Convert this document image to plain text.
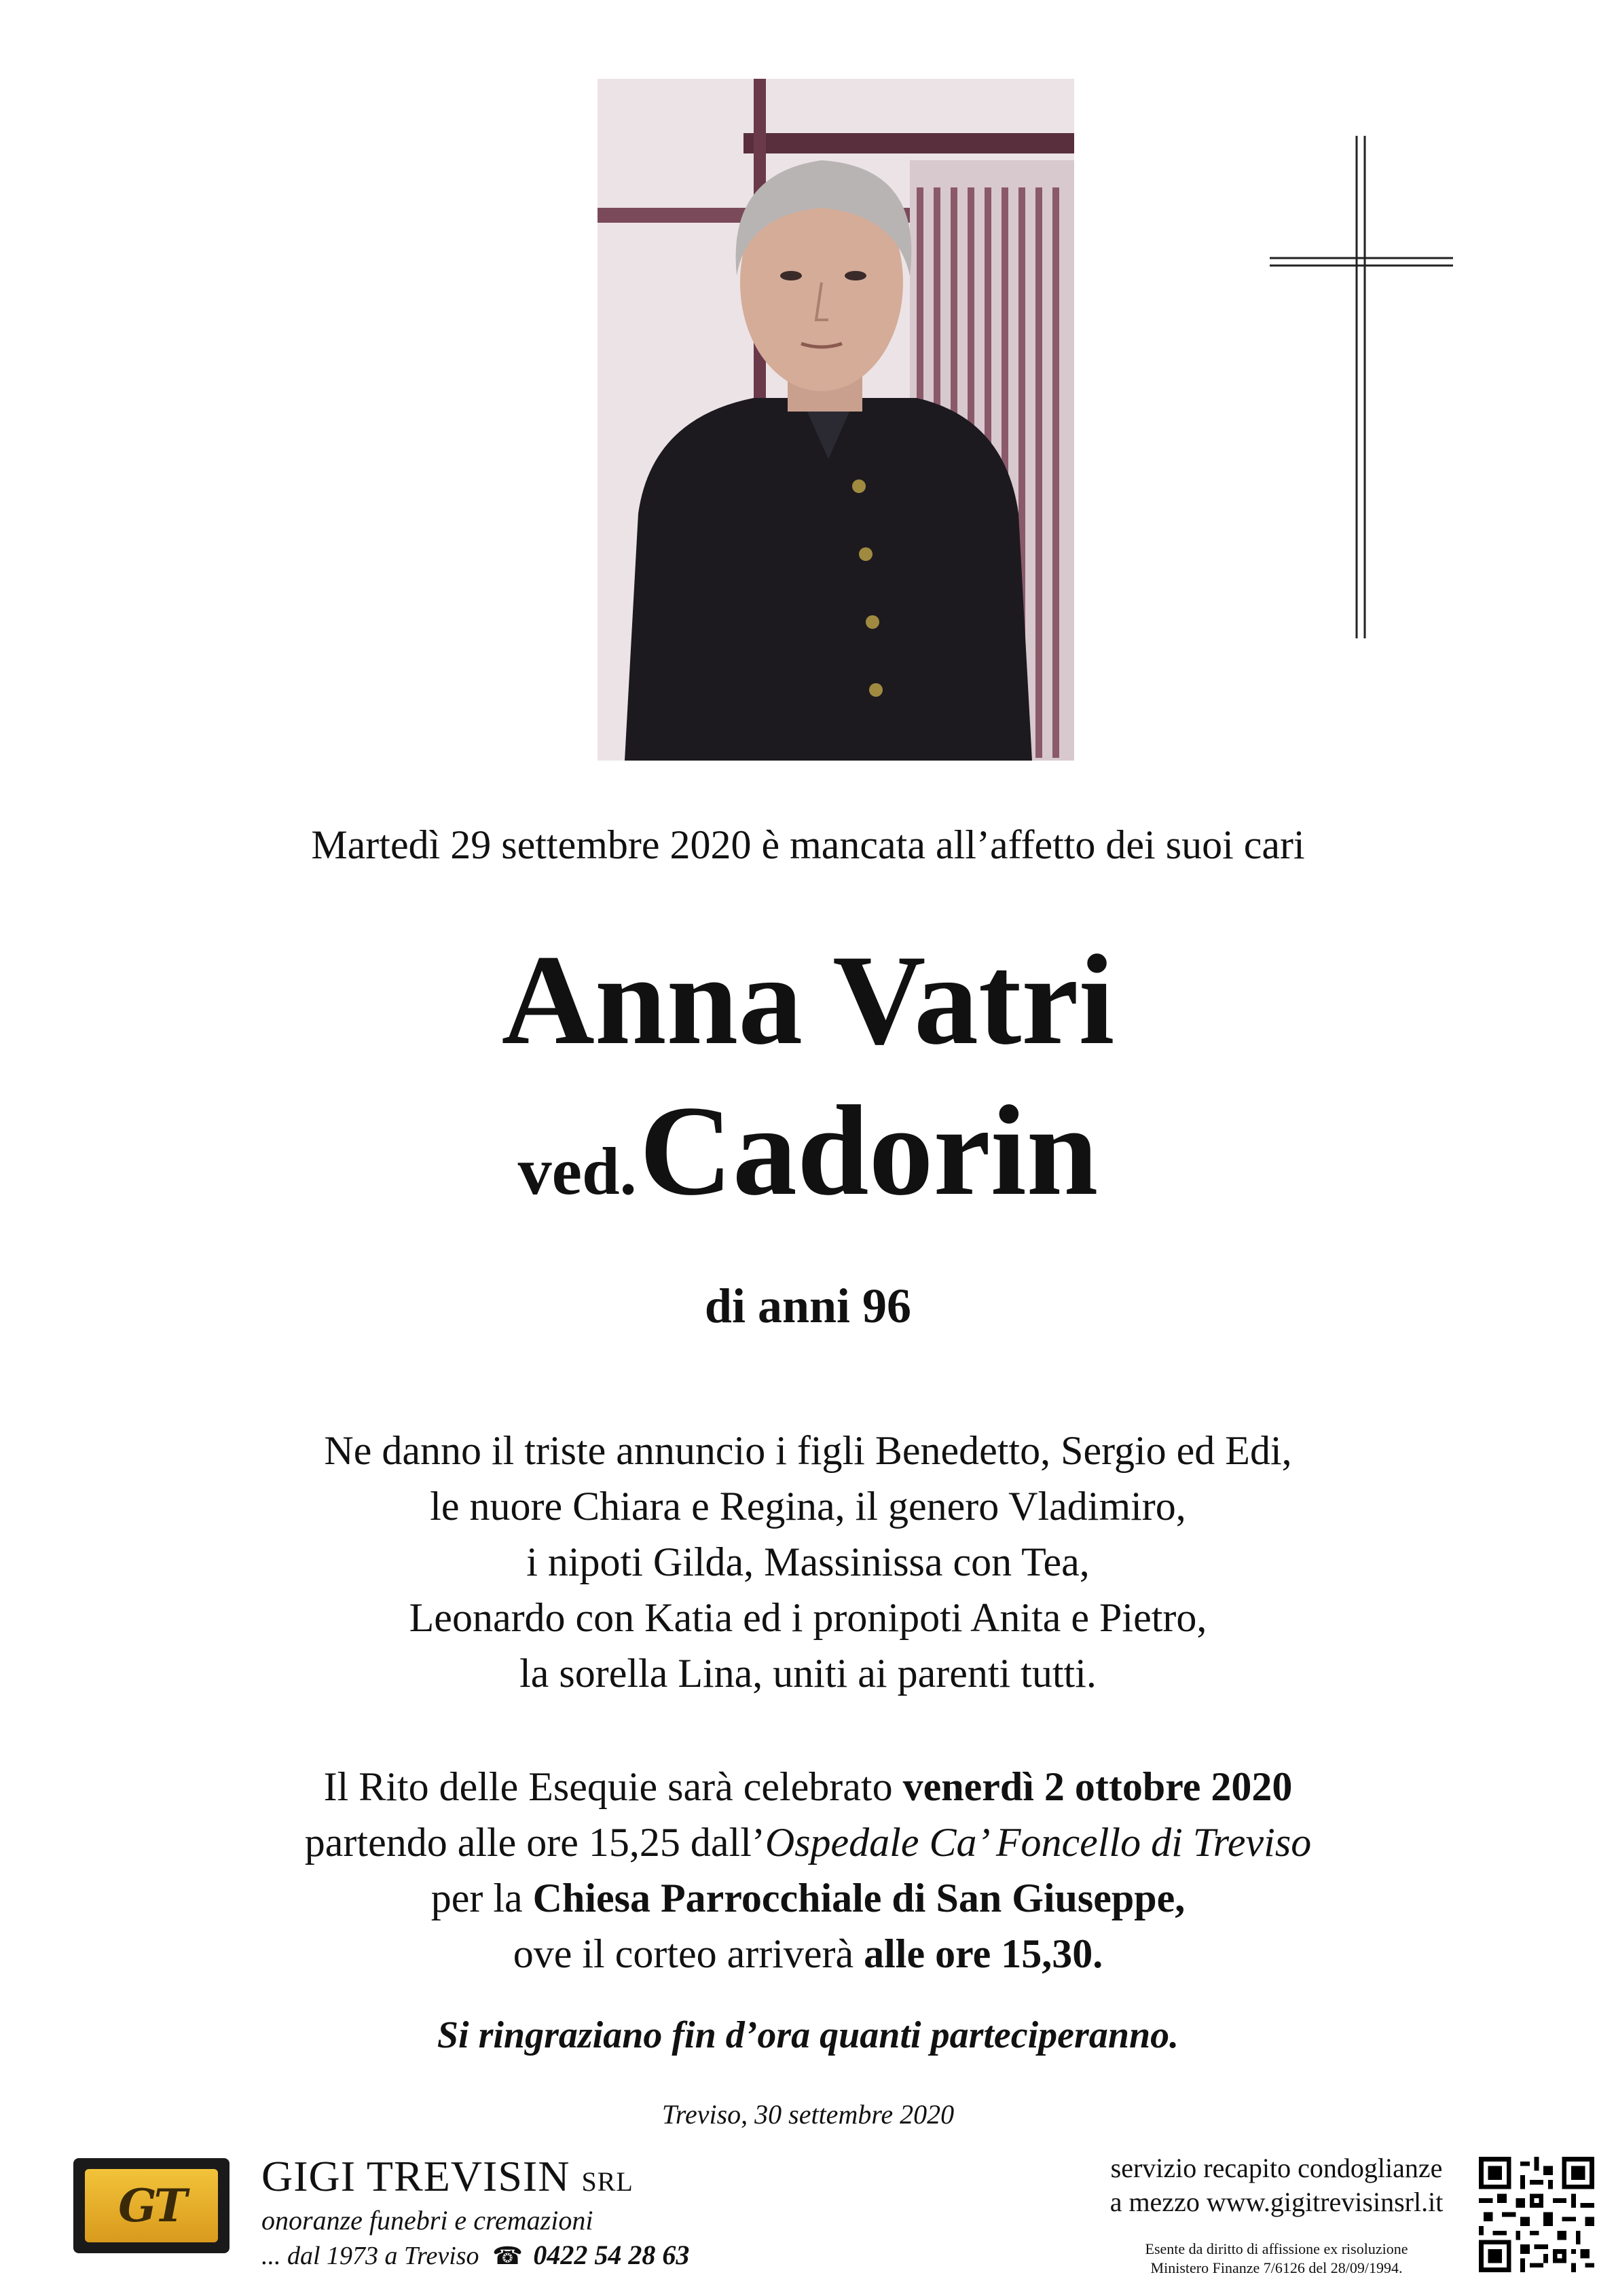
Martedì 29 settembre 2020 è mancata all’affetto dei suoi cari
Anna Vatri
ved. Cadorin
di anni 96
Ne danno il triste annuncio i figli Benedetto, Sergio ed Edi,
le nuore Chiara e Regina, il genero Vladimiro,
i nipoti Gilda, Massinissa con Tea,
Leonardo con Katia ed i pronipoti Anita e Pietro,
la sorella Lina, uniti ai parenti tutti.
Il Rito delle Esequie sarà celebrato venerdì 2 ottobre 2020
partendo alle ore 15,25 dall’Ospedale Ca’ Foncello di Treviso
per la Chiesa Parrocchiale di San Giuseppe,
ove il corteo arriverà alle ore 15,30.
Si ringraziano fin d’ora quanti parteciperanno.
Treviso, 30 settembre 2020
GT
GIGI TREVISIN SRL
onoranze funebri e cremazioni
... dal 1973 a Treviso ☎ 0422 54 28 63
servizio recapito condoglianze
a mezzo www.gigitrevisinsrl.it
Esente da diritto di affissione ex risoluzione
Ministero Finanze 7/6126 del 28/09/1994.
